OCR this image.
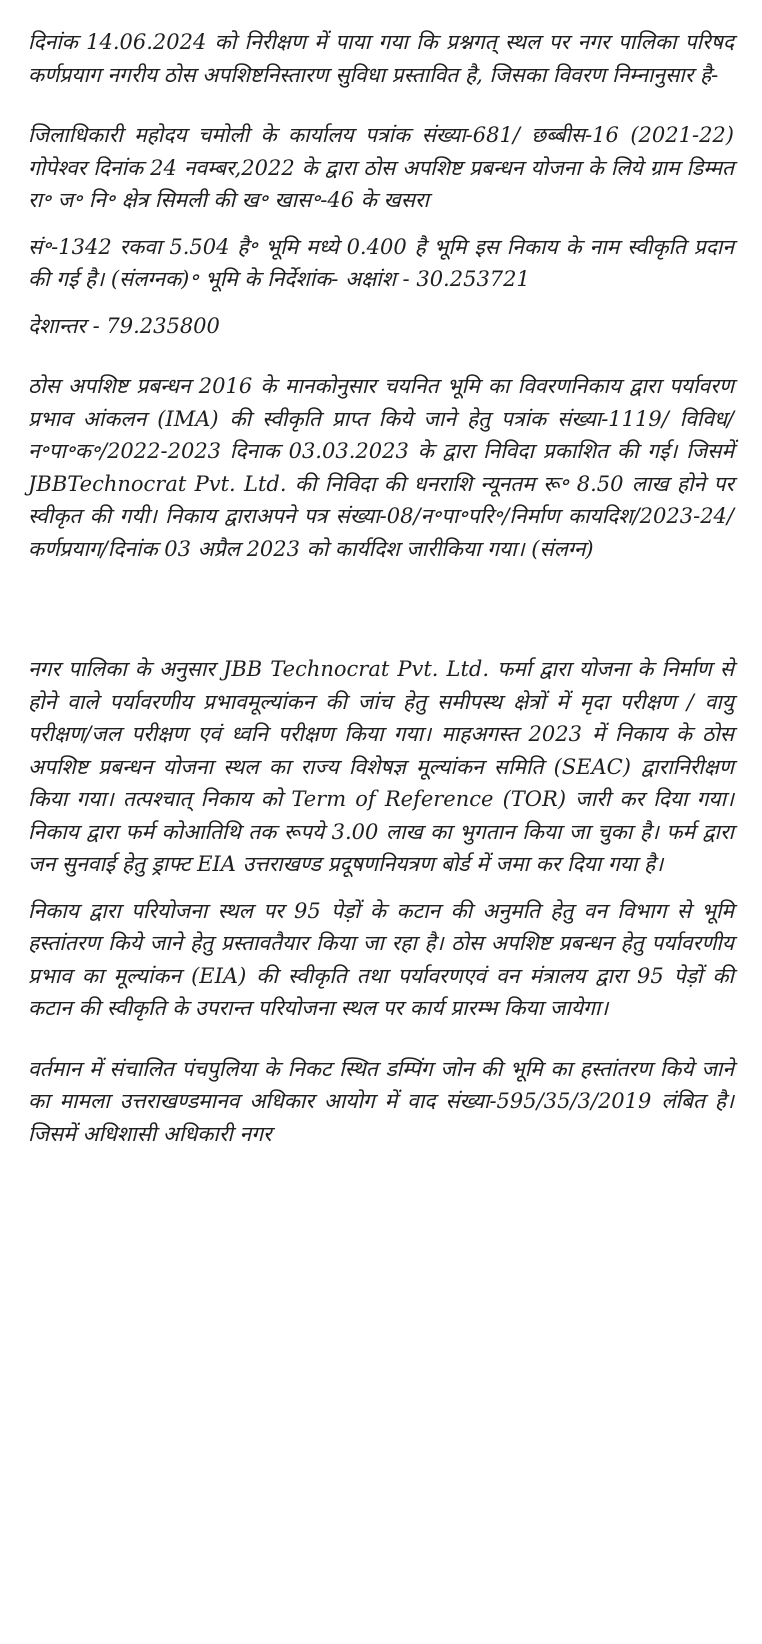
दिनांक 14.06.2024 को निरीक्षण में पाया गया कि प्रश्नगत् स्थल पर नगर पालिका परिषद कर्णप्रयाग नगरीय ठोस अपशिष्टनिस्तारण सुविधा प्रस्तावित है, जिसका विवरण निम्नानुसार है-

जिलाधिकारी महोदय चमोली के कार्यालय पत्रांक संख्या-681/ छब्बीस-16 (2021-22) गोपेश्वर दिनांक 24 नवम्बर,2022 के द्वारा ठोस अपशिष्ट प्रबन्धन योजना के लिये ग्राम डिम्मत रा॰ ज॰ नि॰ क्षेत्र सिमली की ख॰ खास॰-46 के खसरा

सं॰-1342 रकवा 5.504 है॰ भूमि मध्ये 0.400 है भूमि इस निकाय के नाम स्वीकृति प्रदान की गई है। (संलग्नक)॰ भूमि के निर्देशांक- अक्षांश - 30.253721

देशान्तर - 79.235800

ठोस अपशिष्ट प्रबन्धन 2016 के मानकोनुसार चयनित भूमि का विवरणनिकाय द्वारा पर्यावरण प्रभाव आंकलन (IMA) की स्वीकृति प्राप्त किये जाने हेतु पत्रांक संख्या-1119/ विविध/न॰पा॰क॰/2022-2023 दिनाक 03.03.2023 के द्वारा निविदा प्रकाशित की गई। जिसमें JBBTechnocrat Pvt. Ltd. की निविदा की धनराशि न्यूनतम रू॰ 8.50 लाख होने पर स्वीकृत की गयी। निकाय द्वाराअपने पत्र संख्या-08/न॰पा॰परि॰/निर्माण कायदिश/2023-24/कर्णप्रयाग/दिनांक 03 अप्रैल 2023 को कार्यदिश जारीकिया गया। (संलग्न)

नगर पालिका के अनुसार JBB Technocrat Pvt. Ltd. फर्मा द्वारा योजना के निर्माण से होने वाले पर्यावरणीय प्रभावमूल्यांकन की जांच हेतु समीपस्थ क्षेत्रों में मृदा परीक्षण / वायु परीक्षण/जल परीक्षण एवं ध्वनि परीक्षण किया गया। माहअगस्त 2023 में निकाय के ठोस अपशिष्ट प्रबन्धन योजना स्थल का राज्य विशेषज्ञ मूल्यांकन समिति (SEAC) द्वारानिरीक्षण किया गया। तत्पश्चात् निकाय को Term of Reference (TOR) जारी कर दिया गया। निकाय द्वारा फर्म कोआतिथि तक रूपये 3.00 लाख का भुगतान किया जा चुका है। फर्म द्वारा जन सुनवाई हेतु ड्राफ्ट EIA उत्तराखण्ड प्रदूषणनियत्रण बोर्ड में जमा कर दिया गया है।

निकाय द्वारा परियोजना स्थल पर 95 पेड़ों के कटान की अनुमति हेतु वन विभाग से भूमि हस्तांतरण किये जाने हेतु प्रस्तावतैयार किया जा रहा है। ठोस अपशिष्ट प्रबन्धन हेतु पर्यावरणीय प्रभाव का मूल्यांकन (EIA) की स्वीकृति तथा पर्यावरणएवं वन मंत्रालय द्वारा 95 पेड़ों की कटान की स्वीकृति के उपरान्त परियोजना स्थल पर कार्य प्रारम्भ किया जायेगा।

वर्तमान में संचालित पंचपुलिया के निकट स्थित डम्पिंग जोन की भूमि का हस्तांतरण किये जाने का मामला उत्तराखण्डमानव अधिकार आयोग में वाद संख्या-595/35/3/2019 लंबित है। जिसमें अधिशासी अधिकारी नगर
